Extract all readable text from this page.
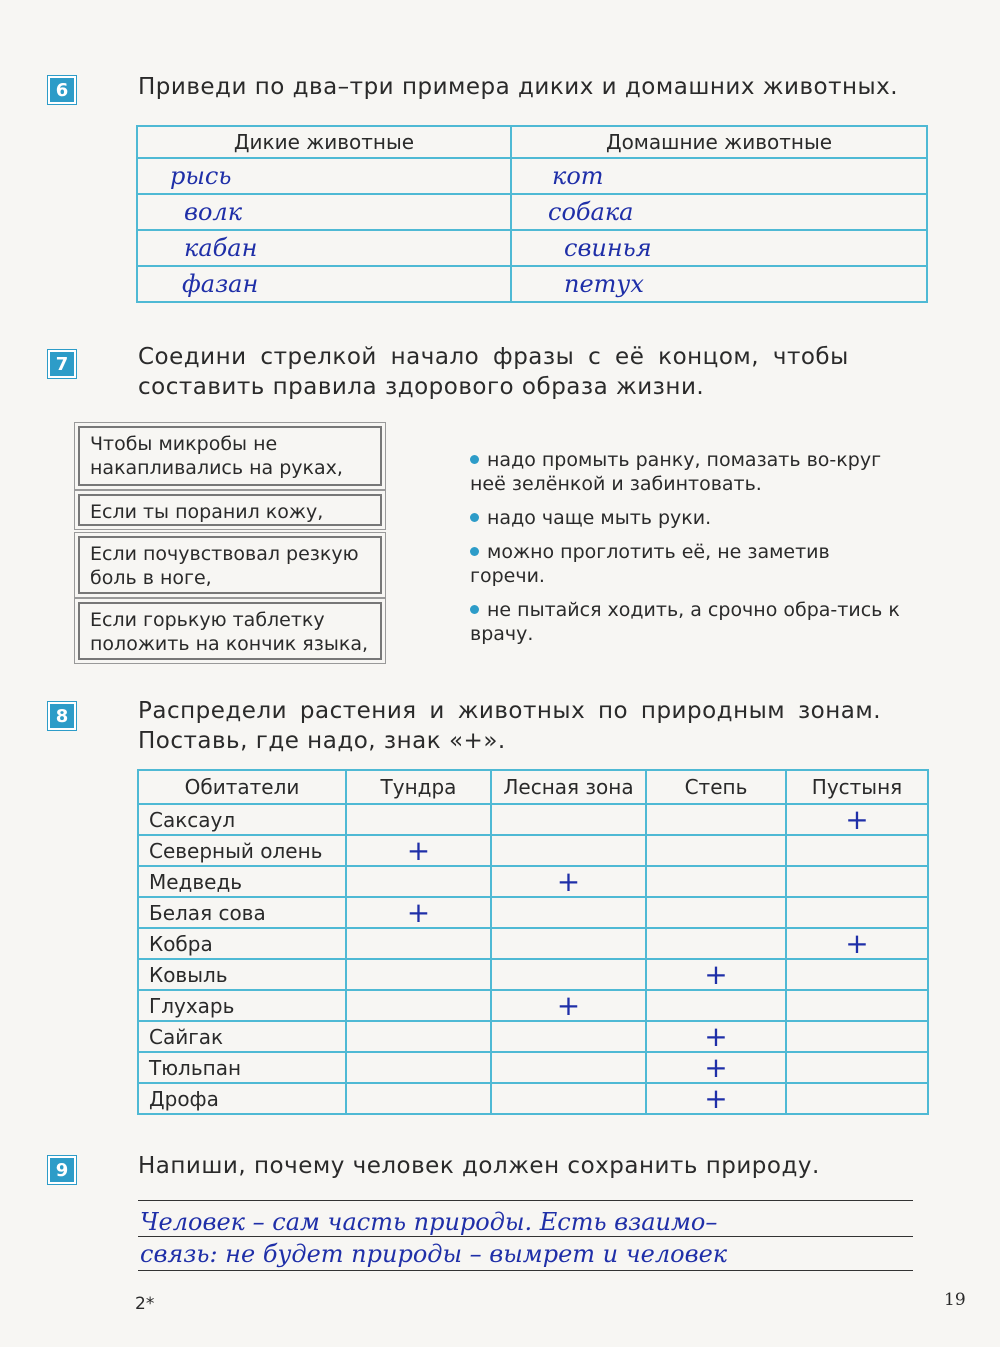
6	Приведи по два–три примера диких и домашних животных.
Дикие животные	Домашние животные
рысь	кот
волк	собака
кабан	свинья
фазан	петух
7	Соедини стрелкой начало фразы с её концом, чтобы
составить правила здорового образа жизни.
Чтобы микробы не накапливались на руках,
Если ты поранил кожу,
Если почувствовал резкую боль в ноге,
Если горькую таблетку положить на кончик языка,
надо промыть ранку, помазать во-круг неё зелёнкой и забинтовать.
надо чаще мыть руки.
можно проглотить её, не заметив горечи.
не пытайся ходить, а срочно обра-тись к врачу.
8	Распредели растения и животных по природным зонам.
Поставь, где надо, знак «+».
Обитатели	Тундра	Лесная зона	Степь	Пустыня
Саксаул				+
Северный олень	+			
Медведь		+		
Белая сова	+			
Кобра				+
Ковыль			+	
Глухарь		+		
Сайгак			+	
Тюльпан			+	
Дрофа			+	
9	Напиши, почему человек должен сохранить природу.
Человек – сам часть природы. Есть взаимо–
связь: не будет природы – вымрет и человек
2*	19
